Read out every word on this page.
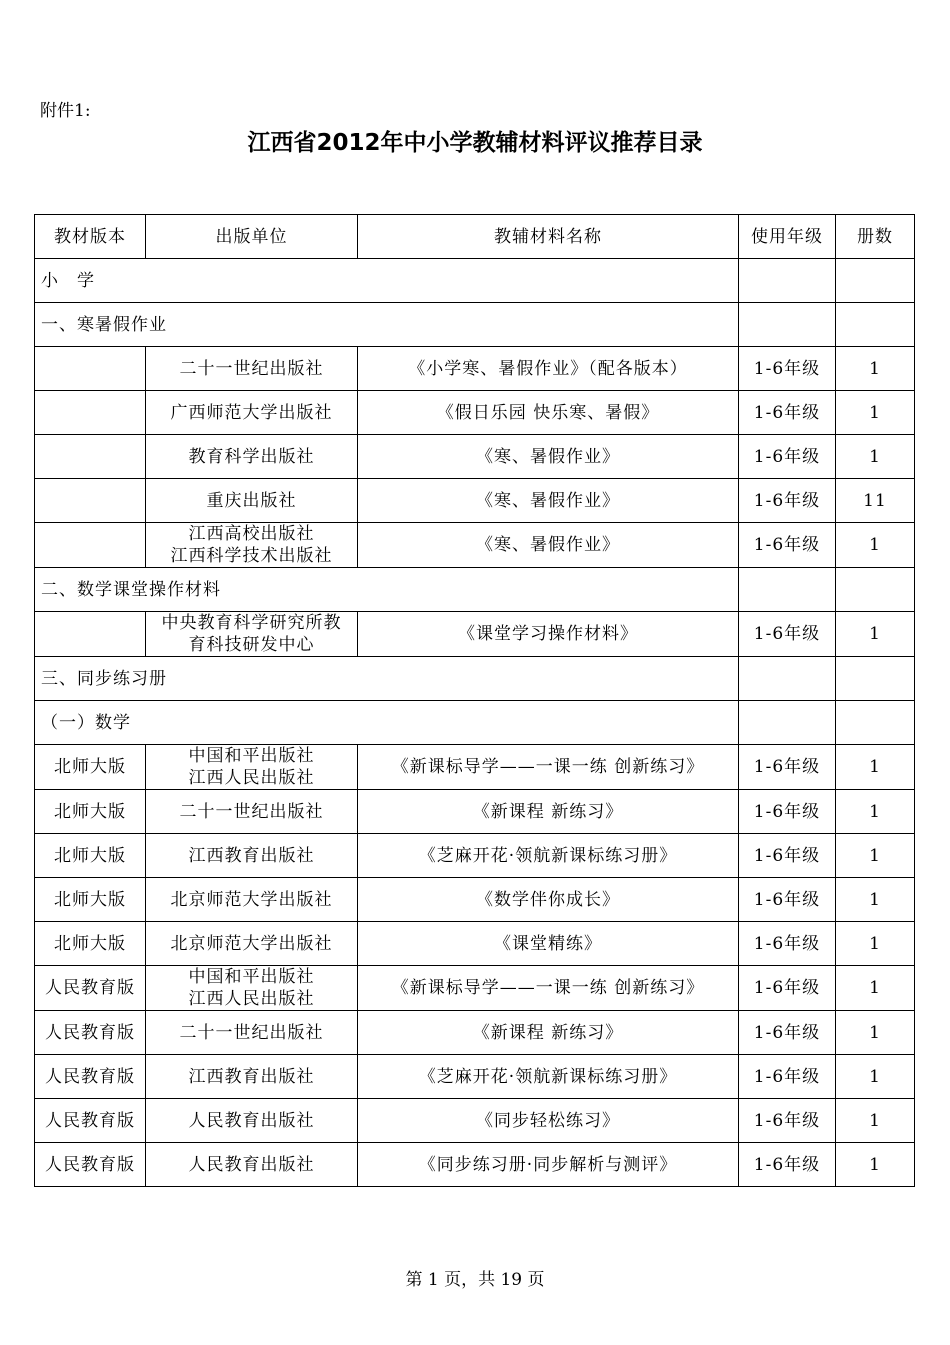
附件1:
江西省2012年中小学教辅材料评议推荐目录
教材版本	出版单位	教辅材料名称	使用年级	册数
小　学				
一、寒暑假作业				

	二十一世纪出版社	《小学寒、暑假作业》（配各版本）	1-6年级	1

	广西师范大学出版社	《假日乐园 快乐寒、暑假》	1-6年级	1

	教育科学出版社	《寒、暑假作业》	1-6年级	1

	重庆出版社	《寒、暑假作业》	1-6年级	11

	江西高校出版社
江西科学技术出版社	《寒、暑假作业》	1-6年级	1
二、数学课堂操作材料				

	中央教育科学研究所教
育科技研发中心	《课堂学习操作材料》	1-6年级	1
三、同步练习册				
（一）数学				
北师大版	中国和平出版社
江西人民出版社	《新课标导学——一课一练 创新练习》	1-6年级	1
北师大版	二十一世纪出版社	《新课程 新练习》	1-6年级	1
北师大版	江西教育出版社	《芝麻开花·领航新课标练习册》	1-6年级	1
北师大版	北京师范大学出版社	《数学伴你成长》	1-6年级	1
北师大版	北京师范大学出版社	《课堂精练》	1-6年级	1
人民教育版	中国和平出版社
江西人民出版社	《新课标导学——一课一练 创新练习》	1-6年级	1
人民教育版	二十一世纪出版社	《新课程 新练习》	1-6年级	1
人民教育版	江西教育出版社	《芝麻开花·领航新课标练习册》	1-6年级	1
人民教育版	人民教育出版社	《同步轻松练习》	1-6年级	1
人民教育版	人民教育出版社	《同步练习册·同步解析与测评》	1-6年级	1
第 1 页，共 19 页
